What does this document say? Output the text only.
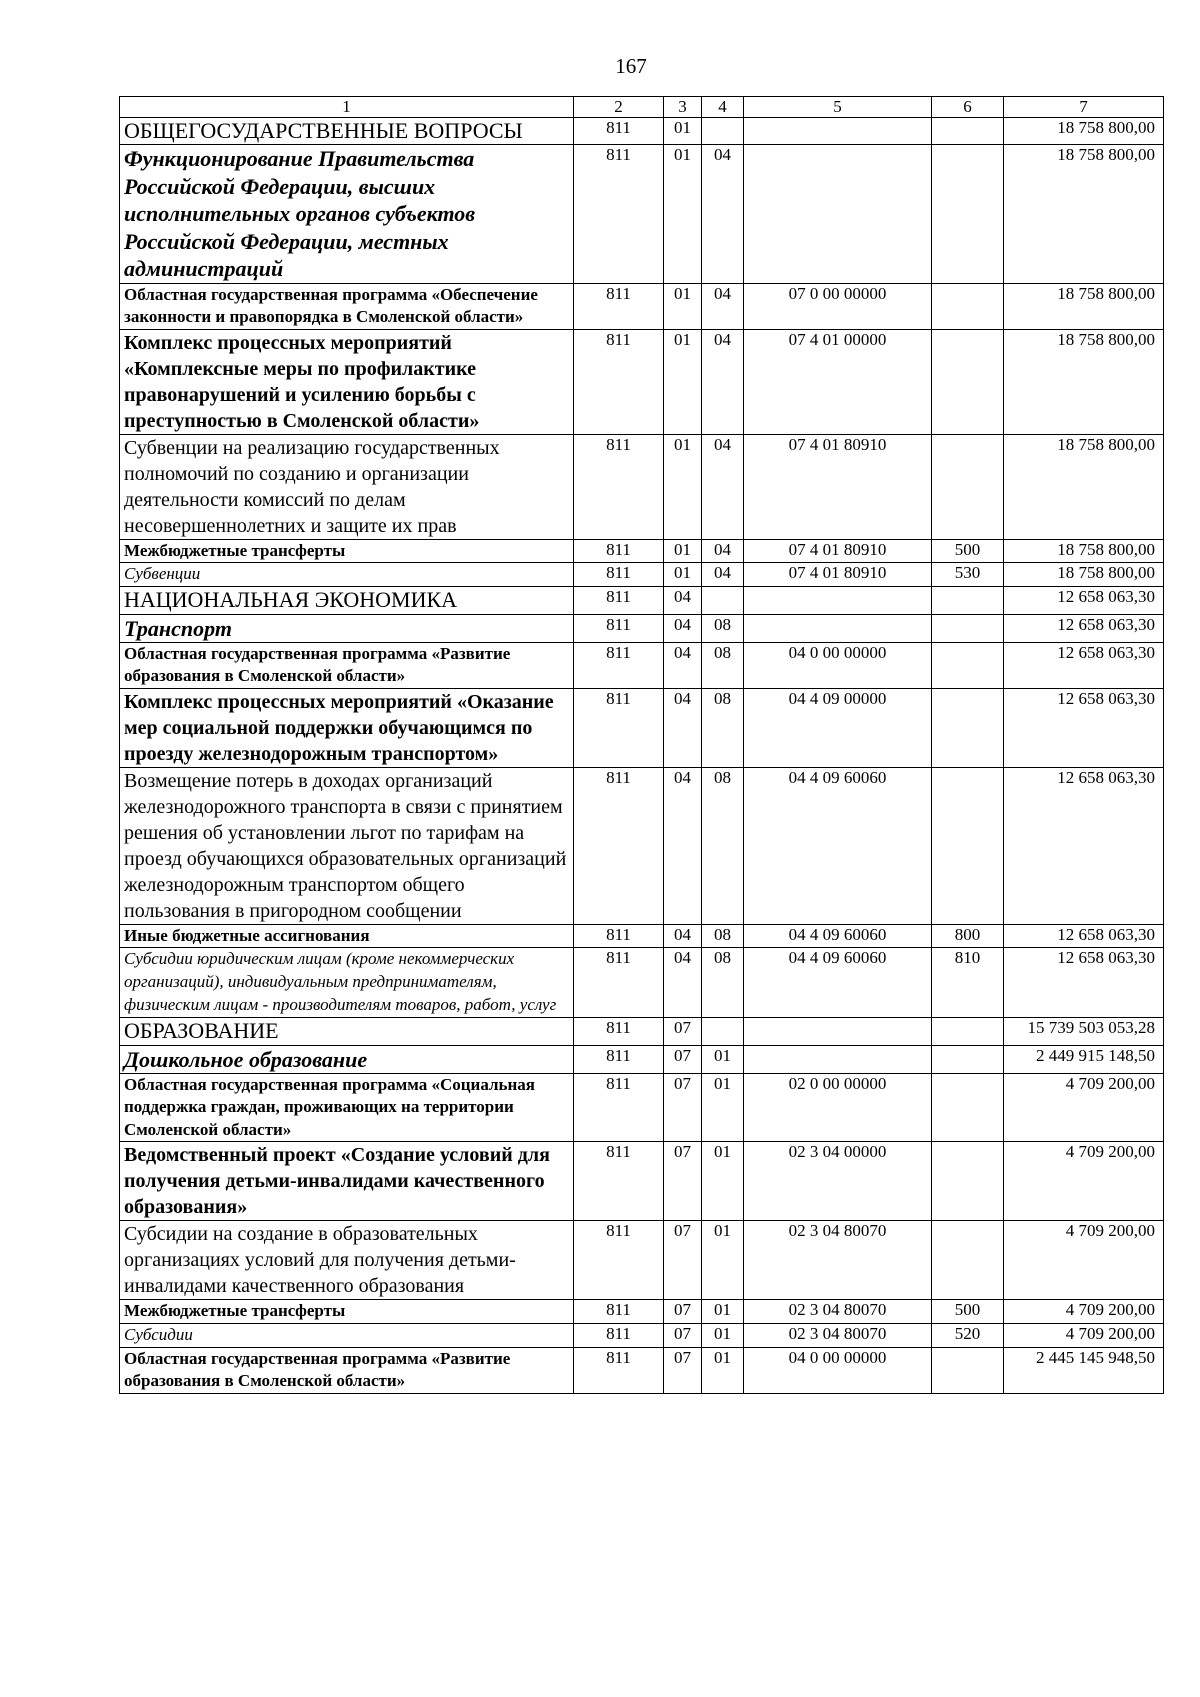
167
1	2	3	4	5	6	7
ОБЩЕГОСУДАРСТВЕННЫЕ ВОПРОСЫ	811	01				18 758 800,00
Функционирование Правительства Российской Федерации, высших исполнительных органов субъектов Российской Федерации, местных администраций	811	01	04			18 758 800,00
Областная государственная программа «Обеспечение законности и правопорядка в Смоленской области»	811	01	04	07 0 00 00000		18 758 800,00
Комплекс процессных мероприятий «Комплексные меры по профилактике правонарушений и усилению борьбы с преступностью в Смоленской области»	811	01	04	07 4 01 00000		18 758 800,00
Субвенции на реализацию государственных полномочий по созданию и организации деятельности комиссий по делам несовершеннолетних и защите их прав	811	01	04	07 4 01 80910		18 758 800,00
Межбюджетные трансферты	811	01	04	07 4 01 80910	500	18 758 800,00
Субвенции	811	01	04	07 4 01 80910	530	18 758 800,00
НАЦИОНАЛЬНАЯ ЭКОНОМИКА	811	04				12 658 063,30
Транспорт	811	04	08			12 658 063,30
Областная государственная программа «Развитие образования в Смоленской области»	811	04	08	04 0 00 00000		12 658 063,30
Комплекс процессных мероприятий «Оказание мер социальной поддержки обучающимся по проезду железнодорожным транспортом»	811	04	08	04 4 09 00000		12 658 063,30
Возмещение потерь в доходах организаций железнодорожного транспорта в связи с принятием решения об установлении льгот по тарифам на проезд обучающихся образовательных организаций железнодорожным транспортом общего пользования в пригородном сообщении	811	04	08	04 4 09 60060		12 658 063,30
Иные бюджетные ассигнования	811	04	08	04 4 09 60060	800	12 658 063,30
Субсидии юридическим лицам (кроме некоммерческих организаций), индивидуальным предпринимателям, физическим лицам - производителям товаров, работ, услуг	811	04	08	04 4 09 60060	810	12 658 063,30
ОБРАЗОВАНИЕ	811	07				15 739 503 053,28
Дошкольное образование	811	07	01			2 449 915 148,50
Областная государственная программа «Социальная поддержка граждан, проживающих на территории Смоленской области»	811	07	01	02 0 00 00000		4 709 200,00
Ведомственный проект «Создание условий для получения детьми-инвалидами качественного образования»	811	07	01	02 3 04 00000		4 709 200,00
Субсидии на создание в образовательных организациях условий для получения детьми-инвалидами качественного образования	811	07	01	02 3 04 80070		4 709 200,00
Межбюджетные трансферты	811	07	01	02 3 04 80070	500	4 709 200,00
Субсидии	811	07	01	02 3 04 80070	520	4 709 200,00
Областная государственная программа «Развитие образования в Смоленской области»	811	07	01	04 0 00 00000		2 445 145 948,50
